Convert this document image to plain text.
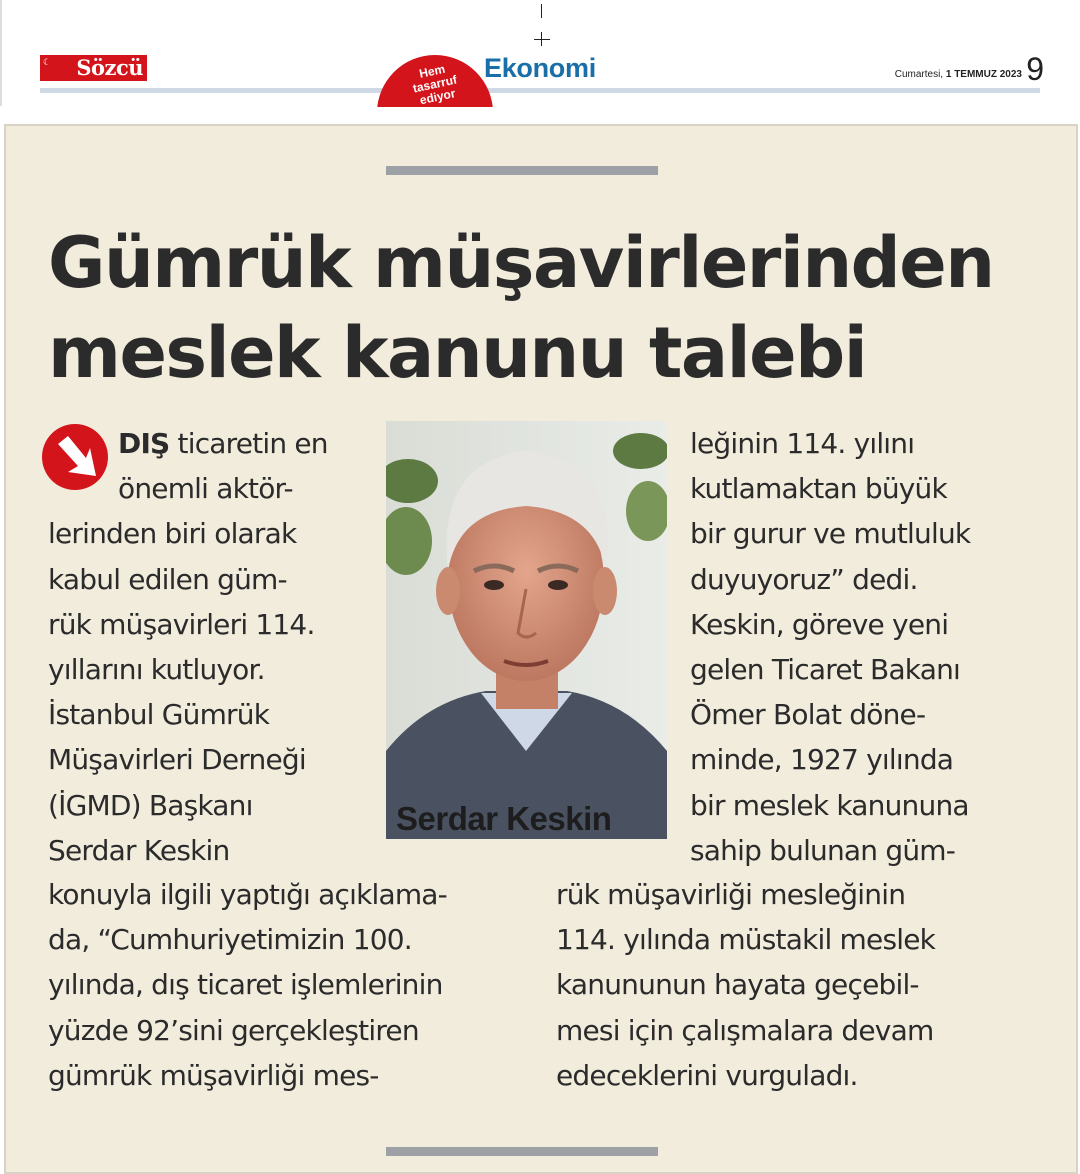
Sözcü
☾	Hem tasarruf ediyor
Ekonomi	Cumartesi, 1 TEMMUZ 2023 9
Gümrük müşavirlerinden
meslek kanunu talebi
DIŞ ticaretin en
önemli aktör-
lerinden biri olarak
kabul edilen güm-
rük müşavirleri 114.
yıllarını kutluyor.
İstanbul Gümrük
Müşavirleri Derneği
(İGMD) Başkanı
Serdar Keskin
Serdar Keskin
leğinin 114. yılını
kutlamaktan büyük
bir gurur ve mutluluk
duyuyoruz” dedi.
Keskin, göreve yeni
gelen Ticaret Bakanı
Ömer Bolat döne-
minde, 1927 yılında
bir meslek kanununa
sahip bulunan güm-
konuyla ilgili yaptığı açıklama-
da, “Cumhuriyetimizin 100.
yılında, dış ticaret işlemlerinin
yüzde 92’sini gerçekleştiren
gümrük müşavirliği mes-
rük müşavirliği mesleğinin
114. yılında müstakil meslek
kanununun hayata geçebil-
mesi için çalışmalara devam
edeceklerini vurguladı.
